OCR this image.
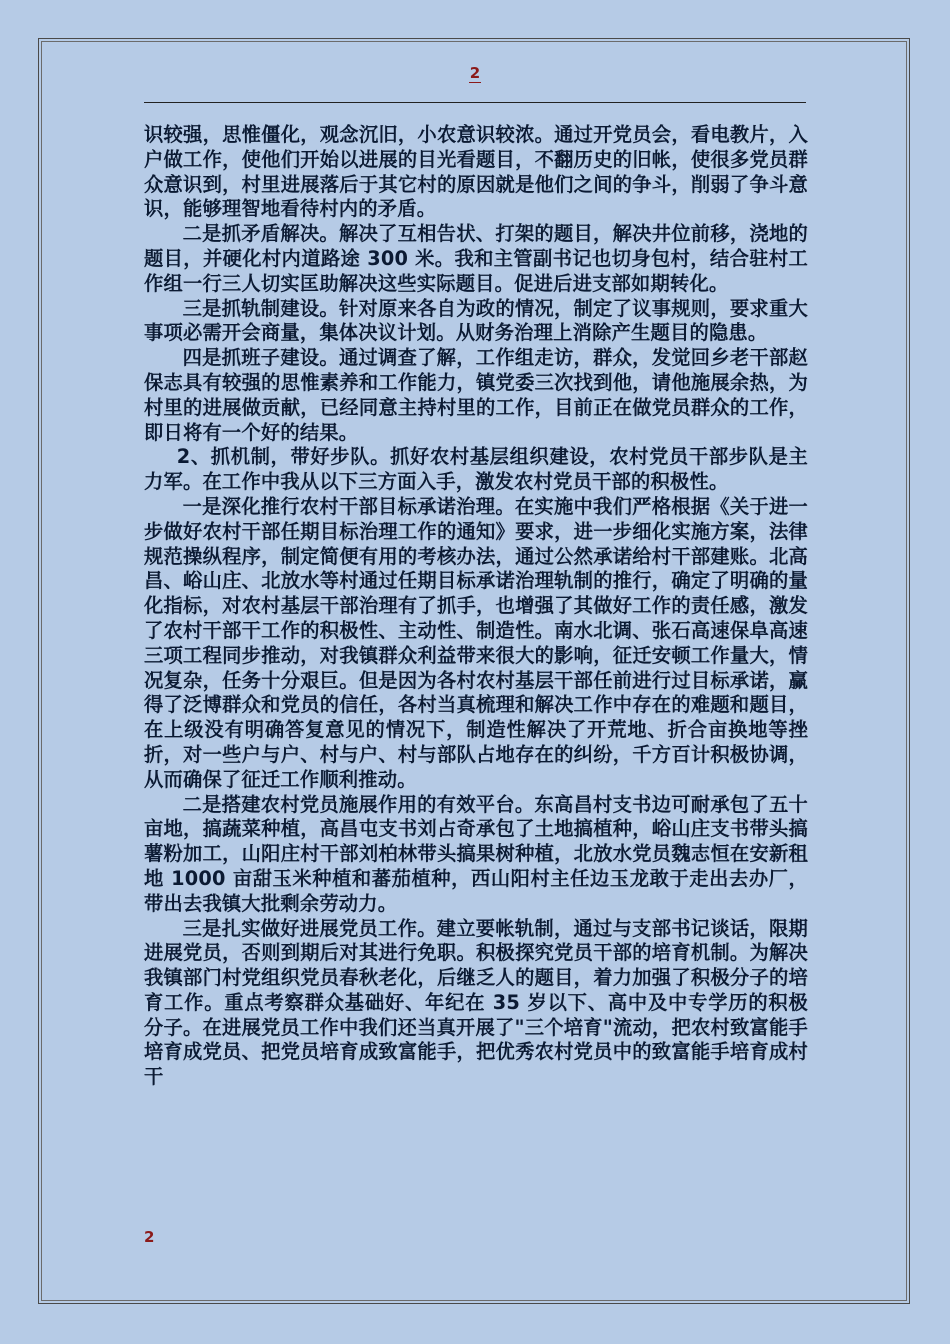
2

识较强，思惟僵化，观念沉旧，小农意识较浓。通过开党员会，看电教片，入户做工作，使他们开始以进展的目光看题目，不翻历史的旧帐，使很多党员群众意识到，村里进展落后于其它村的原因就是他们之间的争斗，削弱了争斗意识，能够理智地看待村内的矛盾。

二是抓矛盾解决。解决了互相告状、打架的题目，解决井位前移，浇地的题目，并硬化村内道路途 300 米。我和主管副书记也切身包村，结合驻村工作组一行三人切实匡助解决这些实际题目。促进后进支部如期转化。

三是抓轨制建设。针对原来各自为政的情况，制定了议事规则，要求重大事项必需开会商量，集体决议计划。从财务治理上消除产生题目的隐患。

四是抓班子建设。通过调查了解，工作组走访，群众，发觉回乡老干部赵保志具有较强的思惟素养和工作能力，镇党委三次找到他，请他施展余热，为村里的进展做贡献，已经同意主持村里的工作，目前正在做党员群众的工作，即日将有一个好的结果。

2、抓机制，带好步队。抓好农村基层组织建设，农村党员干部步队是主力军。在工作中我从以下三方面入手，激发农村党员干部的积极性。

一是深化推行农村干部目标承诺治理。在实施中我们严格根据《关于进一步做好农村干部任期目标治理工作的通知》要求，进一步细化实施方案，法律规范操纵程序，制定简便有用的考核办法，通过公然承诺给村干部建账。北高昌、峪山庄、北放水等村通过任期目标承诺治理轨制的推行，确定了明确的量化指标，对农村基层干部治理有了抓手，也增强了其做好工作的责任感，激发了农村干部干工作的积极性、主动性、制造性。南水北调、张石高速保阜高速三项工程同步推动，对我镇群众利益带来很大的影响，征迁安顿工作量大，情况复杂，任务十分艰巨。但是因为各村农村基层干部任前进行过目标承诺，赢得了泛博群众和党员的信任，各村当真梳理和解决工作中存在的难题和题目，在上级没有明确答复意见的情况下，制造性解决了开荒地、折合亩换地等挫折，对一些户与户、村与户、村与部队占地存在的纠纷，千方百计积极协调，从而确保了征迁工作顺利推动。

二是搭建农村党员施展作用的有效平台。东高昌村支书边可耐承包了五十亩地，搞蔬菜种植，高昌屯支书刘占奇承包了土地搞植种，峪山庄支书带头搞薯粉加工，山阳庄村干部刘柏林带头搞果树种植，北放水党员魏志恒在安新租地 1000 亩甜玉米种植和蕃茄植种，西山阳村主任边玉龙敢于走出去办厂，带出去我镇大批剩余劳动力。

三是扎实做好进展党员工作。建立要帐轨制，通过与支部书记谈话，限期进展党员，否则到期后对其进行免职。积极探究党员干部的培育机制。为解决我镇部门村党组织党员春秋老化，后继乏人的题目，着力加强了积极分子的培育工作。重点考察群众基础好、年纪在 35 岁以下、高中及中专学历的积极分子。在进展党员工作中我们还当真开展了"三个培育"流动，把农村致富能手培育成党员、把党员培育成致富能手，把优秀农村党员中的致富能手培育成村干

2
